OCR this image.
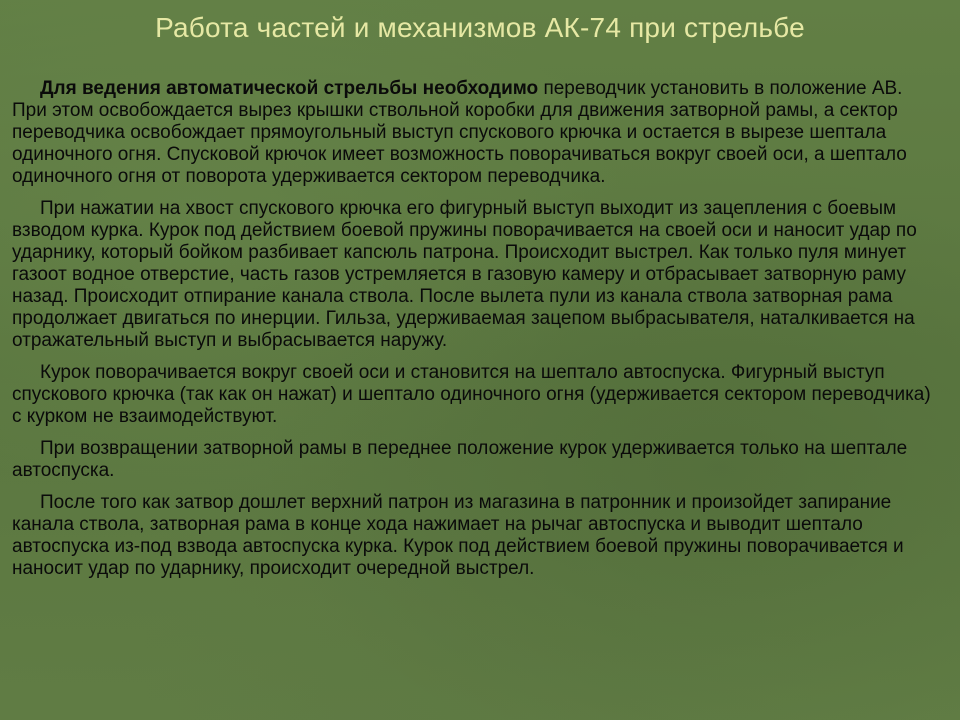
Работа частей и механизмов АК-74 при стрельбе

Для ведения автоматической стрельбы необходимо переводчик установить в положение АВ. При этом освобождается вырез крышки ствольной коробки для движения затворной рамы, а сектор переводчика освобождает прямоугольный выступ спускового крючка и остается в вырезе шептала одиночного огня. Спусковой крючок имеет возможность поворачиваться вокруг своей оси, а шептало одиночного огня от поворота удерживается сектором переводчика.

При нажатии на хвост спускового крючка его фигурный выступ выходит из зацепления с боевым взводом курка. Курок под действием боевой пружины поворачивается на своей оси и наносит удар по ударнику, который бойком разбивает капсюль патрона. Происходит выстрел. Как только пуля минует газоот водное отверстие, часть газов устремляется в газовую камеру и отбрасывает затворную раму назад. Происходит отпирание канала ствола. После вылета пули из канала ствола затворная рама продолжает двигаться по инерции. Гильза, удерживаемая зацепом выбрасывателя, наталкивается на отражательный выступ и выбрасывается наружу.

Курок поворачивается вокруг своей оси и становится на шептало автоспуска. Фигурный выступ спускового крючка (так как он нажат) и шептало одиночного огня (удерживается сектором переводчика) с курком не взаимодействуют.

При возвращении затворной рамы в переднее положение курок удерживается только на шептале автоспуска.

После того как затвор дошлет верхний патрон из магазина в патронник и произойдет запирание канала ствола, затворная рама в конце хода нажимает на рычаг автоспуска и выводит шептало автоспуска из-под взвода автоспуска курка. Курок под действием боевой пружины поворачивается и наносит удар по ударнику, происходит очередной выстрел.
